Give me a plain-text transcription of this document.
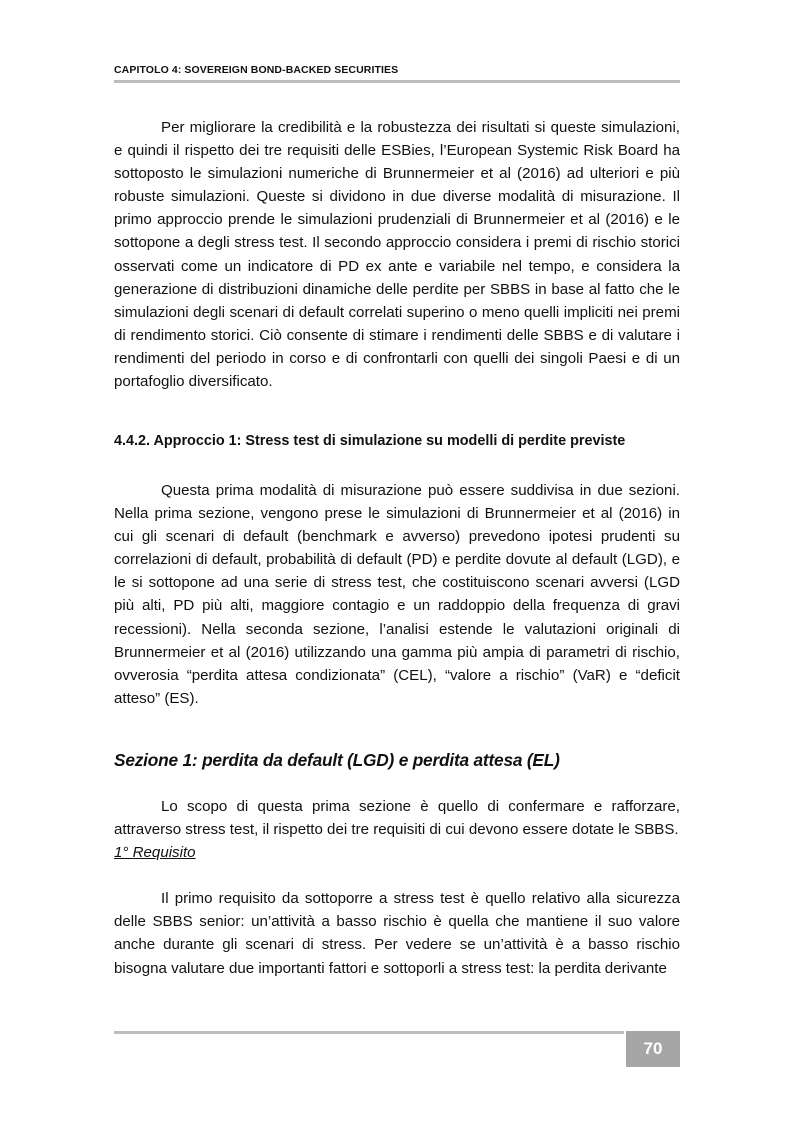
CAPITOLO 4: SOVEREIGN BOND-BACKED SECURITIES

Per migliorare la credibilità e la robustezza dei risultati si queste simulazioni, e quindi il rispetto dei tre requisiti delle ESBies, l’European Systemic Risk Board ha sottoposto le simulazioni numeriche di Brunnermeier et al (2016) ad ulteriori e più robuste simulazioni. Queste si dividono in due diverse modalità di misurazione. Il primo approccio prende le simulazioni prudenziali di Brunnermeier et al (2016) e le sottopone a degli stress test. Il secondo approccio considera i premi di rischio storici osservati come un indicatore di PD ex ante e variabile nel tempo, e considera la generazione di distribuzioni dinamiche delle perdite per SBBS in base al fatto che le simulazioni degli scenari di default correlati superino o meno quelli impliciti nei premi di rendimento storici. Ciò consente di stimare i rendimenti delle SBBS e di valutare i rendimenti del periodo in corso e di confrontarli con quelli dei singoli Paesi e di un portafoglio diversificato.

4.4.2. Approccio 1: Stress test di simulazione su modelli di perdite previste

Questa prima modalità di misurazione può essere suddivisa in due sezioni. Nella prima sezione, vengono prese le simulazioni di Brunnermeier et al (2016) in cui gli scenari di default (benchmark e avverso) prevedono ipotesi prudenti su correlazioni di default, probabilità di default (PD) e perdite dovute al default (LGD), e le si sottopone ad una serie di stress test, che costituiscono scenari avversi (LGD più alti, PD più alti, maggiore contagio e un raddoppio della frequenza di gravi recessioni). Nella seconda sezione, l’analisi estende le valutazioni originali di Brunnermeier et al (2016) utilizzando una gamma più ampia di parametri di rischio, ovverosia “perdita attesa condizionata” (CEL), “valore a rischio” (VaR) e “deficit atteso” (ES).

Sezione 1: perdita da default (LGD) e perdita attesa (EL)

Lo scopo di questa prima sezione è quello di confermare e rafforzare, attraverso stress test, il rispetto dei tre requisiti di cui devono essere dotate le SBBS.

1° Requisito

Il primo requisito da sottoporre a stress test è quello relativo alla sicurezza delle SBBS senior: un’attività a basso rischio è quella che mantiene il suo valore anche durante gli scenari di stress. Per vedere se un’attività è a basso rischio bisogna valutare due importanti fattori e sottoporli a stress test: la perdita derivante

70
